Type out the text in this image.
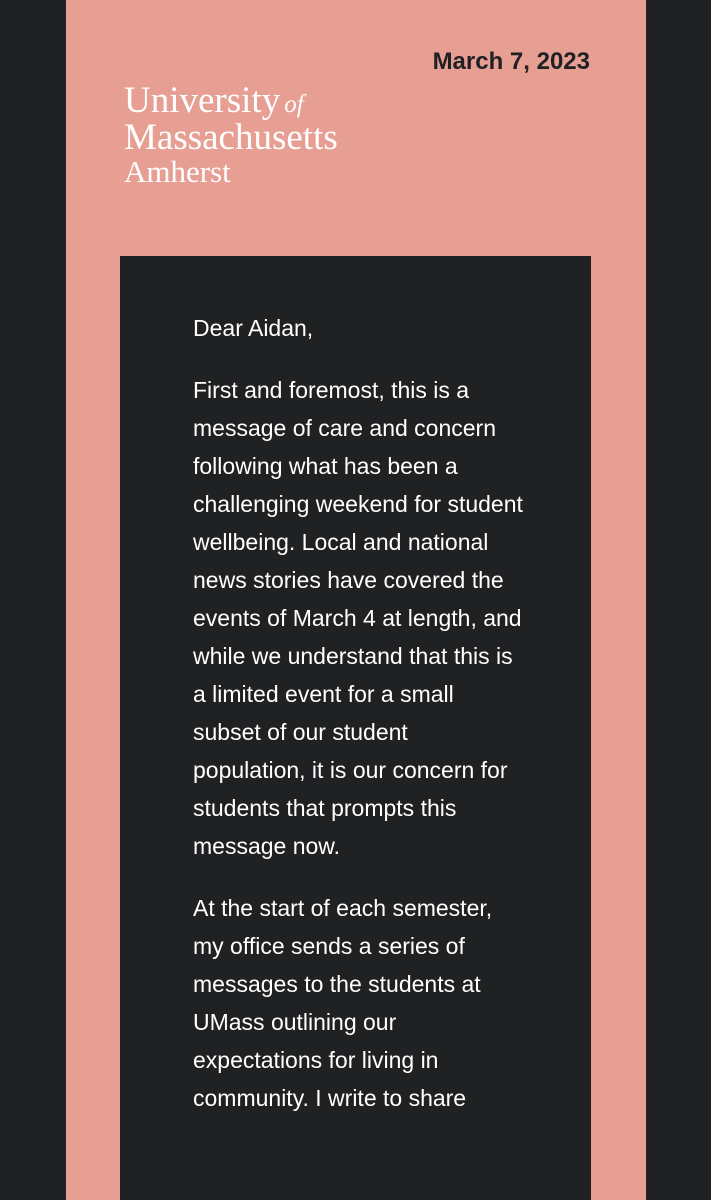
March 7, 2023
University of
Massachusetts
Amherst

Dear Aidan,

First and foremost, this is a message of care and concern following what has been a challenging weekend for student wellbeing. Local and national news stories have covered the events of March 4 at length, and while we understand that this is a limited event for a small subset of our student population, it is our concern for students that prompts this message now.

At the start of each semester, my office sends a series of messages to the students at UMass outlining our expectations for living in community. I write to share
